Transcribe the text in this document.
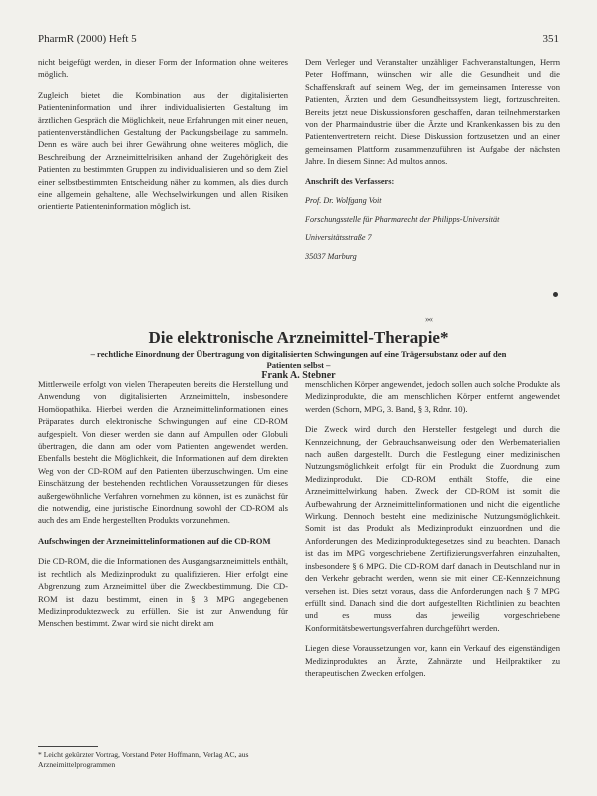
PharmR (2000) Heft 5	351

nicht beigefügt werden, in dieser Form der Information ohne weiteres möglich.

Zugleich bietet die Kombination aus der digitalisierten Patienteninformation und ihrer individualisierten Gestaltung im ärztlichen Gespräch die Möglichkeit, neue Erfahrungen mit einer neuen, patientenverständlichen Gestaltung der Packungsbeilage zu sammeln. Denn es wäre auch bei ihrer Gewährung ohne weiteres möglich, die Beschreibung der Arzneimittelrisiken anhand der Zugehörigkeit des Patienten zu bestimmten Gruppen zu individualisieren und so dem Ziel einer selbstbestimmten Entscheidung näher zu kommen, als dies durch eine allgemein gehaltene, alle Wechselwirkungen und allen Risiken orientierte Patienteninformation möglich ist.

Dem Verleger und Veranstalter unzähliger Fachveranstaltungen, Herrn Peter Hoffmann, wünschen wir alle die Gesundheit und die Schaffenskraft auf seinem Weg, der im gemeinsamen Interesse von Patienten, Ärzten und dem Gesundheitssystem liegt, fortzuschreiten. Bereits jetzt neue Diskussionsforen geschaffen, daran teilnehmerstarken von der Pharmaindustrie über die Ärzte und Krankenkassen bis zu den Patientenvertretern reicht. Diese Diskussion fortzusetzen und an einer gemeinsamen Plattform zusammenzuführen ist Aufgabe der nächsten Jahre. In diesem Sinne: Ad multos annos.

Anschrift des Verfassers:

Prof. Dr. Wolfgang Voit

Forschungsstelle für Pharmarecht der Philipps-Universität

Universitätsstraße 7

35037 Marburg

»«
Die elektronische Arzneimittel-Therapie*
– rechtliche Einordnung der Übertragung von digitalisierten Schwingungen auf eine Trägersubstanz oder auf den Patienten selbst –
Frank A. Stebner

Mittlerweile erfolgt von vielen Therapeuten bereits die Herstellung und Anwendung von digitalisierten Arzneimitteln, insbesondere Homöopathika. Hierbei werden die Arzneimittelinformationen eines Präparates durch elektronische Schwingungen auf eine CD-ROM aufgespielt. Von dieser werden sie dann auf Ampullen oder Globuli übertragen, die dann am oder vom Patienten angewendet werden. Ebenfalls besteht die Möglichkeit, die Informationen auf dem direkten Weg von der CD-ROM auf den Patienten überzuschwingen. Um eine Einschätzung der bestehenden rechtlichen Voraussetzungen für dieses außergewöhnliche Verfahren vornehmen zu können, ist es zunächst für die notwendig, eine juristische Einordnung sowohl der CD-ROM als auch des am Ende hergestellten Produkts vorzunehmen.

Aufschwingen der Arzneimittelinformationen auf die CD-ROM

Die CD-ROM, die die Informationen des Ausgangsarzneimittels enthält, ist rechtlich als Medizinprodukt zu qualifizieren. Hier erfolgt eine Abgrenzung zum Arzneimittel über die Zweckbestimmung. Die CD-ROM ist dazu bestimmt, einen in § 3 MPG angegebenen Medizinproduktezweck zu erfüllen. Sie ist zur Anwendung für Menschen bestimmt. Zwar wird sie nicht direkt am

* Leicht gekürzter Vortrag, Vorstand Peter Hoffmann, Verlag AC, aus Arzneimittelprogrammen

menschlichen Körper angewendet, jedoch sollen auch solche Produkte als Medizinprodukte, die am menschlichen Körper entfernt angewendet werden (Schorn, MPG, 3. Band, § 3, Rdnr. 10).

Die Zweck wird durch den Hersteller festgelegt und durch die Kennzeichnung, der Gebrauchsanweisung oder den Werbematerialien nach außen dargestellt. Durch die Festlegung einer medizinischen Nutzungsmöglichkeit erfolgt für ein Produkt die Zuordnung zum Medizinprodukt. Die CD-ROM enthält Stoffe, die eine Arzneimittelwirkung haben. Zweck der CD-ROM ist somit die Aufbewahrung der Arzneimittelinformationen und nicht die eigentliche Wirkung. Dennoch besteht eine medizinische Nutzungsmöglichkeit. Somit ist das Produkt als Medizinprodukt einzuordnen und die Anforderungen des Medizinproduktegesetzes sind zu beachten. Danach ist das im MPG vorgeschriebene Zertifizierungsverfahren einzuhalten, insbesondere § 6 MPG. Die CD-ROM darf danach in Deutschland nur in den Verkehr gebracht werden, wenn sie mit einer CE-Kennzeichnung versehen ist. Dies setzt voraus, dass die Anforderungen nach § 7 MPG erfüllt sind. Danach sind die dort aufgestellten Richtlinien zu beachten und es muss das jeweilig vorgeschriebene Konformitätsbewertungsverfahren durchgeführt werden.

Liegen diese Voraussetzungen vor, kann ein Verkauf des eigenständigen Medizinproduktes an Ärzte, Zahnärzte und Heilpraktiker zu therapeutischen Zwecken erfolgen.
